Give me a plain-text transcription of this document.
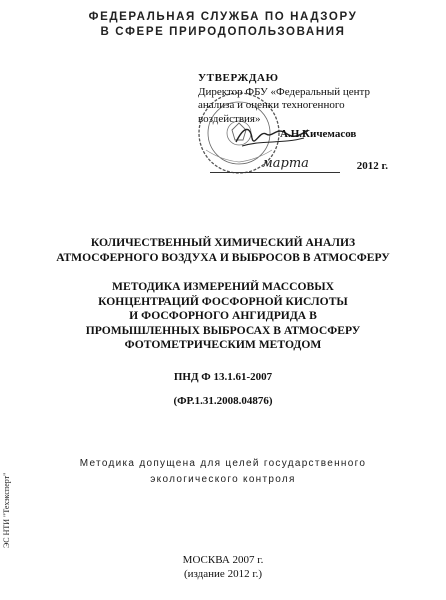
ФЕДЕРАЛЬНАЯ СЛУЖБА ПО НАДЗОРУ
В СФЕРЕ ПРИРОДОПОЛЬЗОВАНИЯ
УТВЕРЖДАЮ
Директор ФБУ «Федеральный центр
анализа и оценки техногенного
воздействия»
А.Н.Кичемасов
марта	2012 г.
КОЛИЧЕСТВЕННЫЙ ХИМИЧЕСКИЙ АНАЛИЗ
АТМОСФЕРНОГО ВОЗДУХА И ВЫБРОСОВ В АТМОСФЕРУ
МЕТОДИКА ИЗМЕРЕНИЙ МАССОВЫХ
КОНЦЕНТРАЦИЙ ФОСФОРНОЙ КИСЛОТЫ
И ФОСФОРНОГО АНГИДРИДА В
ПРОМЫШЛЕННЫХ ВЫБРОСАХ В АТМОСФЕРУ
ФОТОМЕТРИЧЕСКИМ МЕТОДОМ
ПНД Ф 13.1.61-2007
(ФР.1.31.2008.04876)
Методика допущена для целей государственного
экологического контроля
МОСКВА 2007 г.
(издание 2012 г.)
ЭС НТИ "Техэксперт"
